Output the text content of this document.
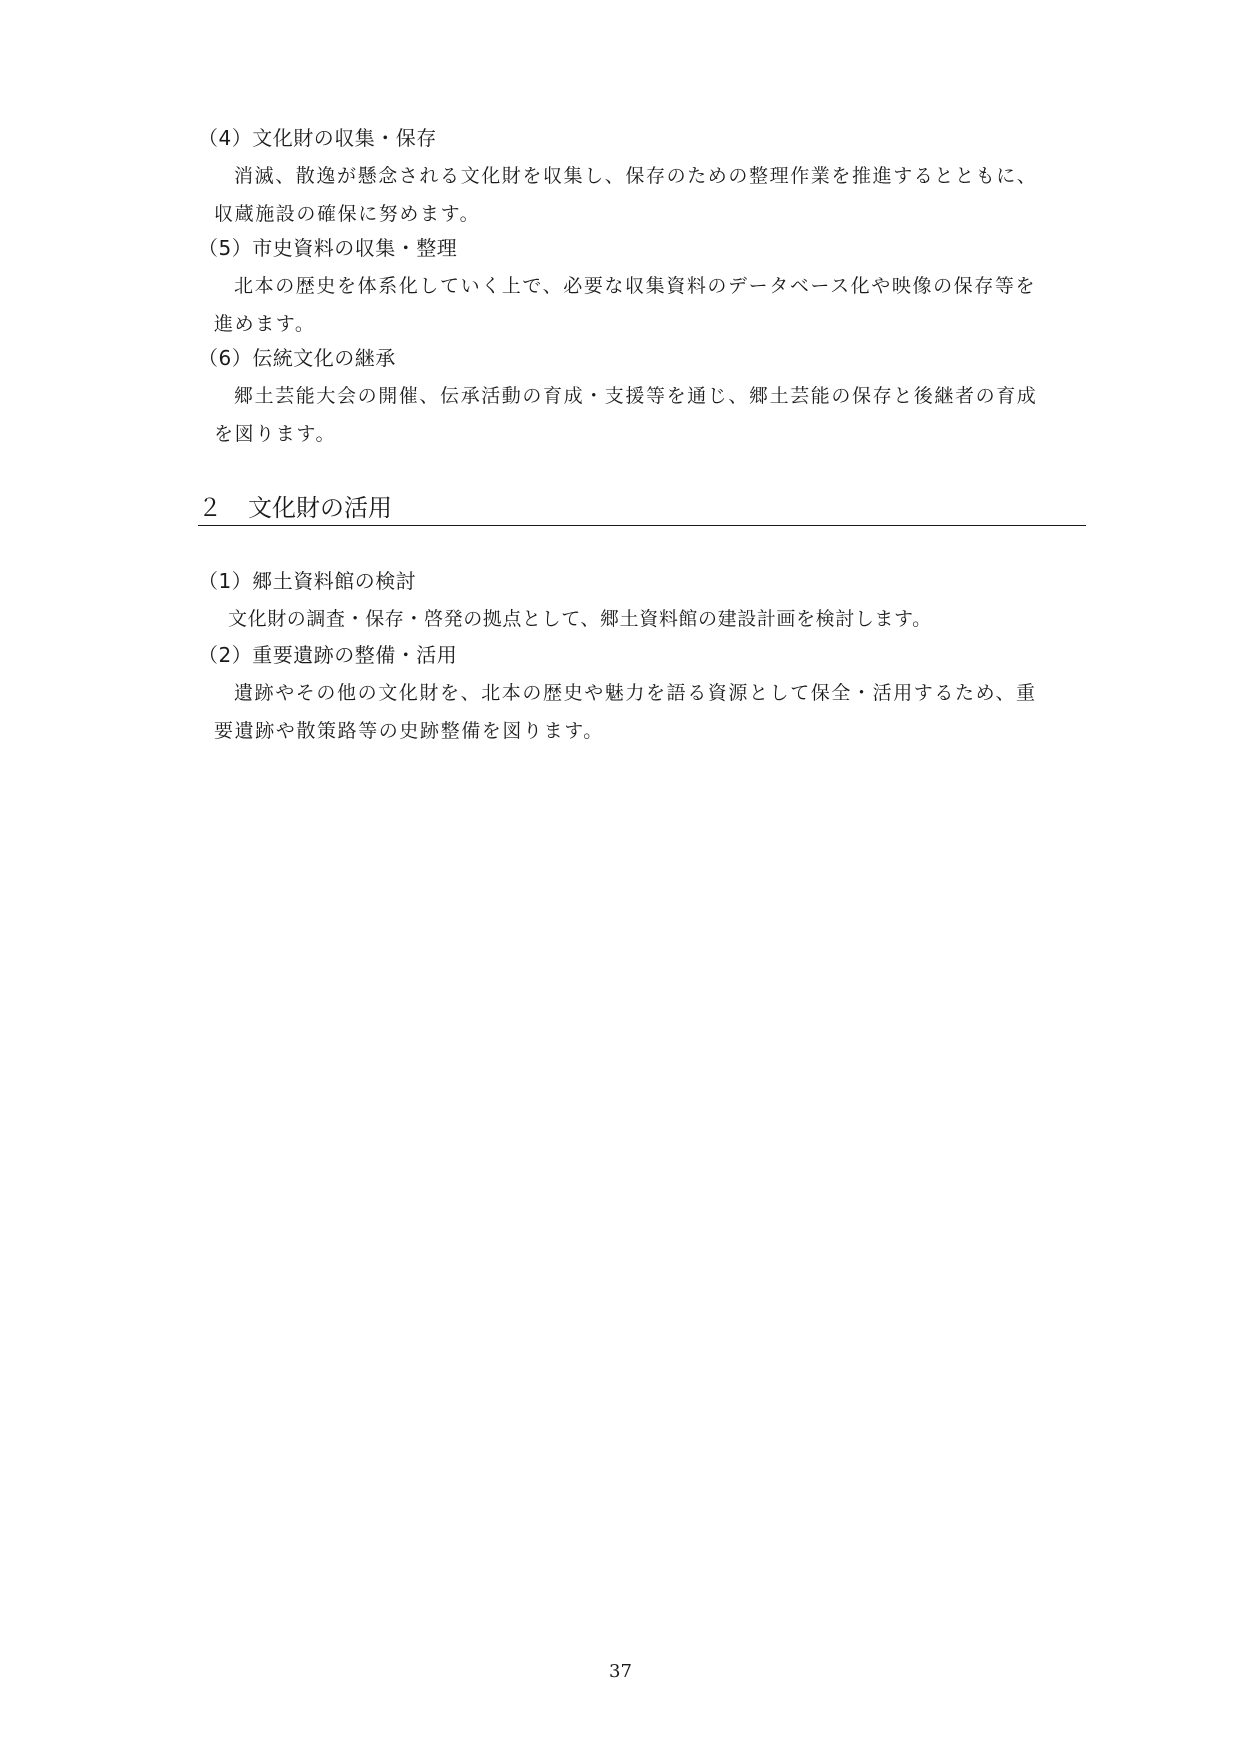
（4）文化財の収集・保存
消滅、散逸が懸念される文化財を収集し、保存のための整理作業を推進するとともに、
収蔵施設の確保に努めます。
（5）市史資料の収集・整理
北本の歴史を体系化していく上で、必要な収集資料のデータベース化や映像の保存等を
進めます。
（6）伝統文化の継承
郷土芸能大会の開催、伝承活動の育成・支援等を通じ、郷土芸能の保存と後継者の育成
を図ります。
２ 文化財の活用
（1）郷土資料館の検討
文化財の調査・保存・啓発の拠点として、郷土資料館の建設計画を検討します。
（2）重要遺跡の整備・活用
遺跡やその他の文化財を、北本の歴史や魅力を語る資源として保全・活用するため、重
要遺跡や散策路等の史跡整備を図ります。
37
